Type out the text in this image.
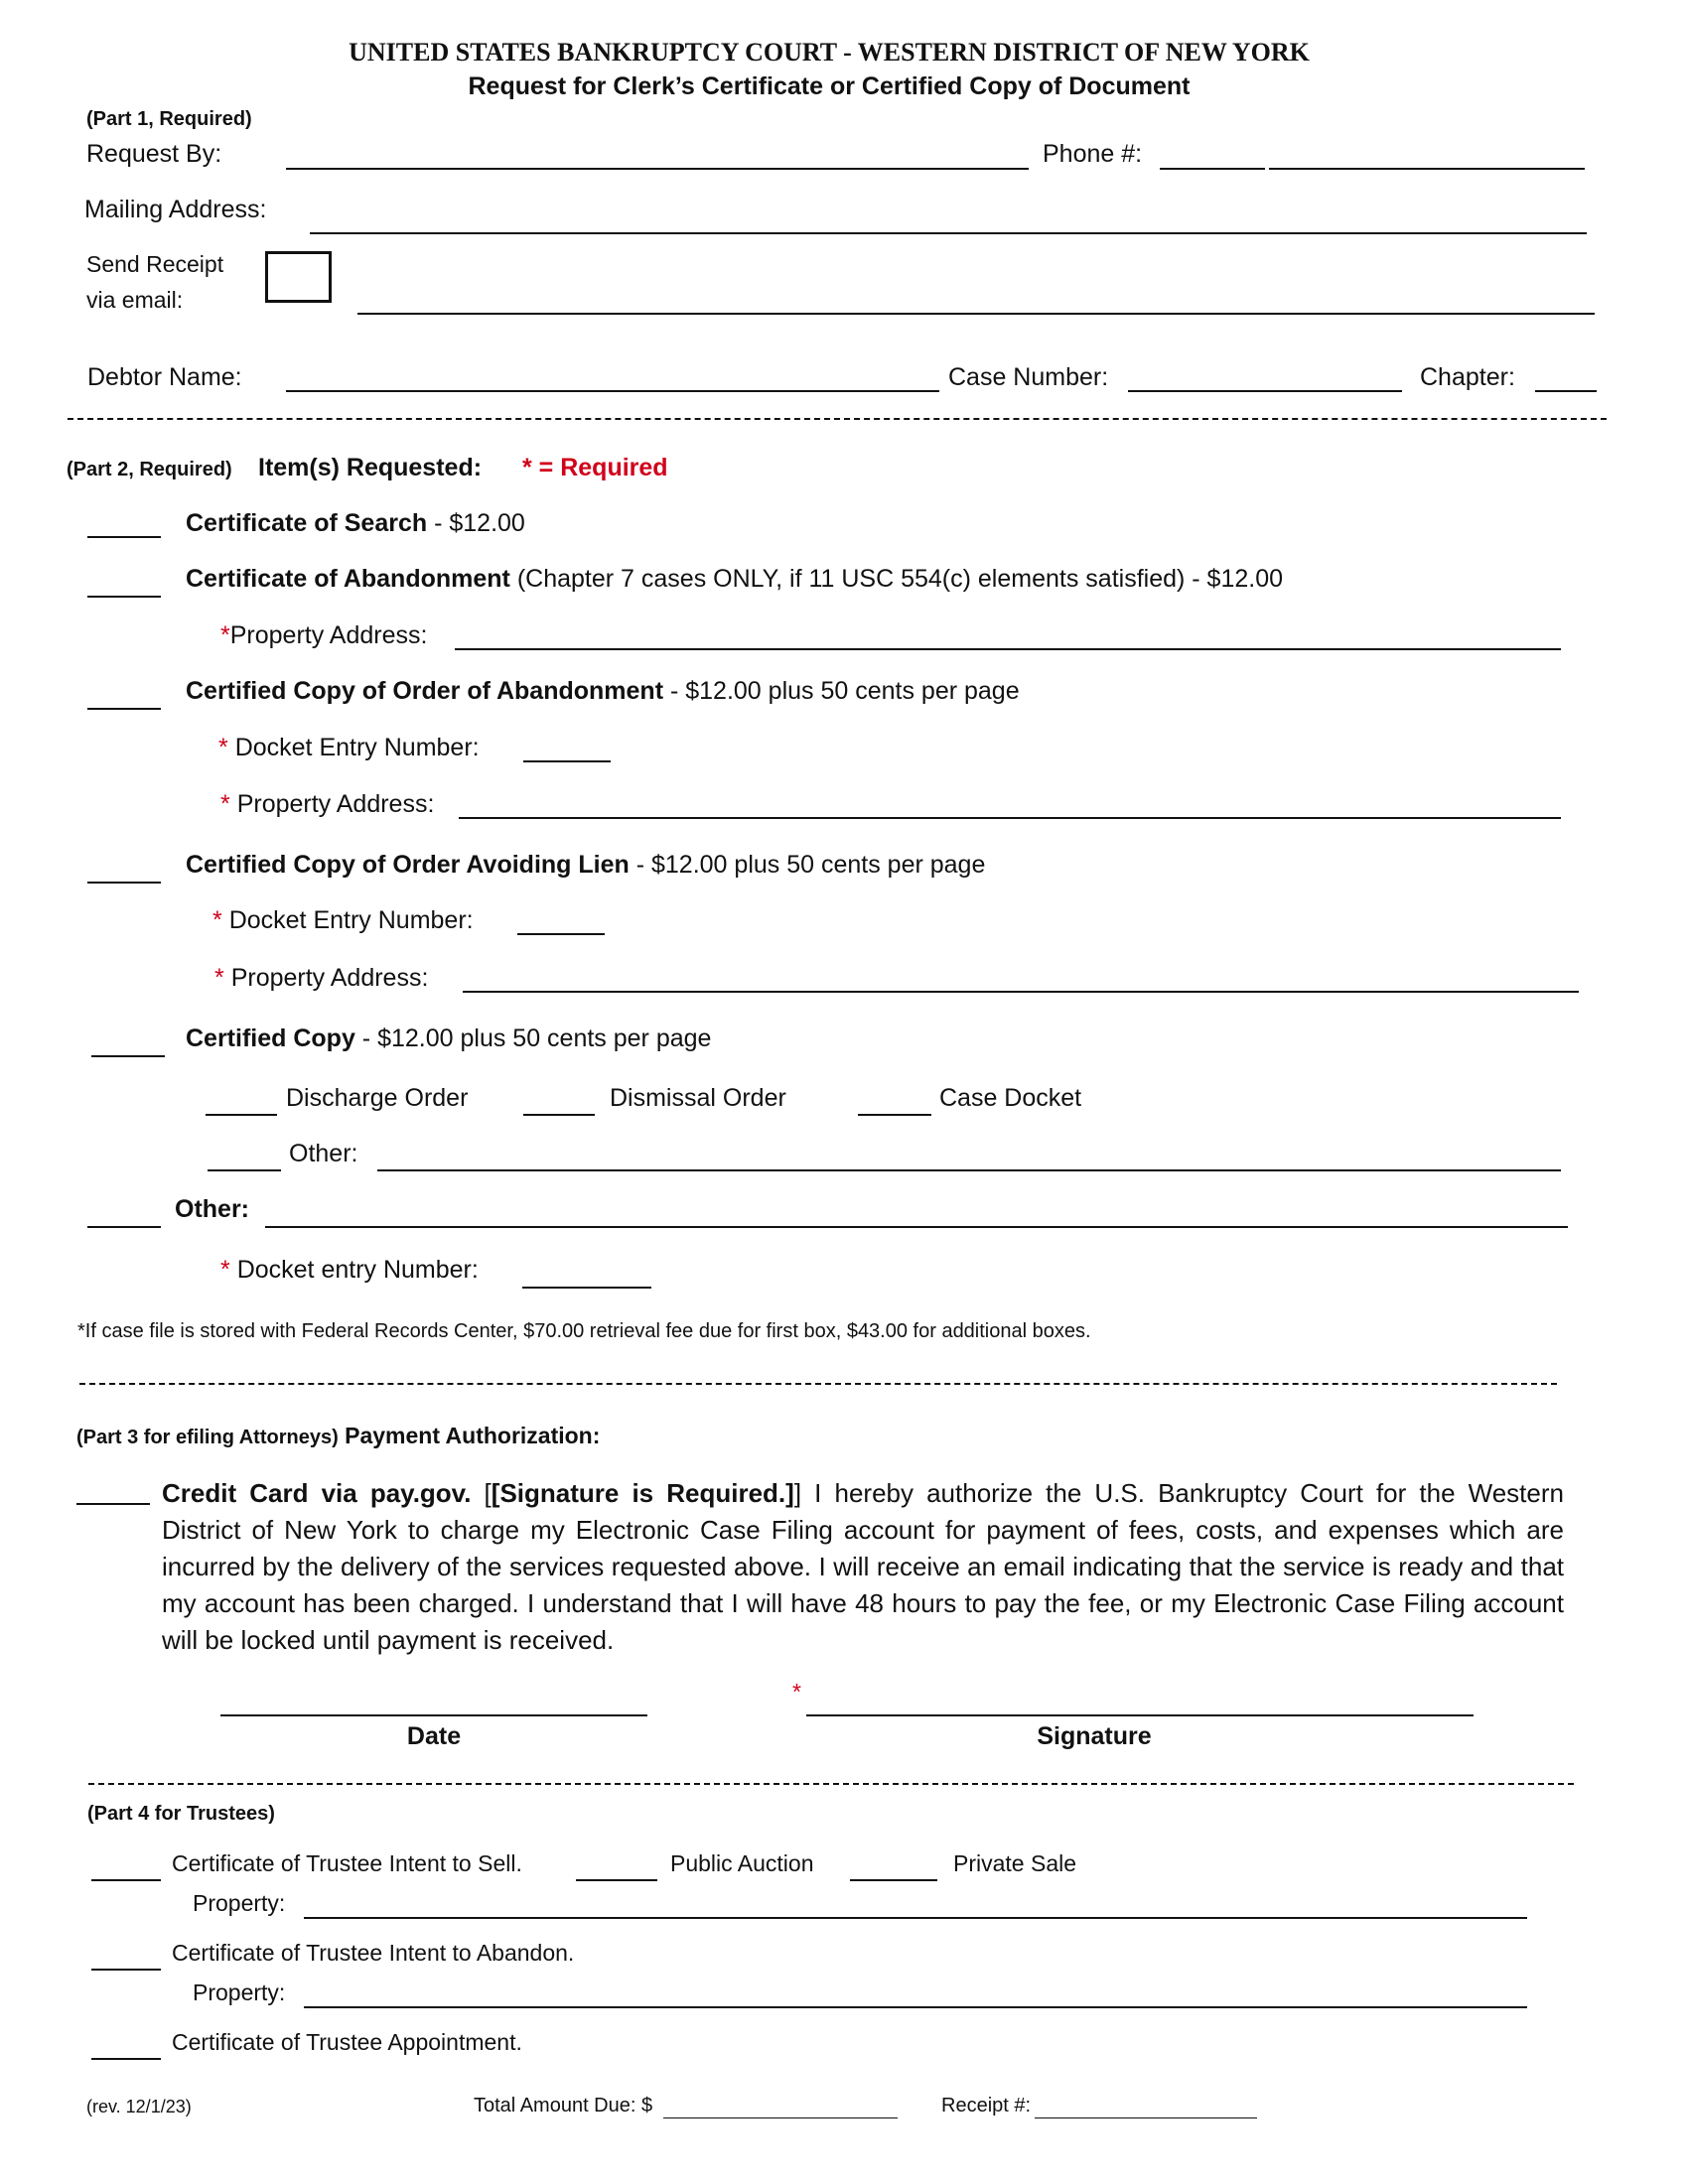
UNITED STATES BANKRUPTCY COURT - WESTERN DISTRICT OF NEW YORK
Request for Clerk’s Certificate or Certified Copy of Document
(Part 1, Required)
Request By:	Phone #:
Mailing Address:
Send Receipt
via email:
Debtor Name:	Case Number:	Chapter:
(Part 2, Required) Item(s) Requested: * = Required
Certificate of Search - $12.00
Certificate of Abandonment (Chapter 7 cases ONLY, if 11 USC 554(c) elements satisfied) - $12.00
*Property Address:
Certified Copy of Order of Abandonment - $12.00 plus 50 cents per page
* Docket Entry Number:
* Property Address:
Certified Copy of Order Avoiding Lien - $12.00 plus 50 cents per page
* Docket Entry Number:
* Property Address:
Certified Copy - $12.00 plus 50 cents per page
Discharge Order	Dismissal Order	Case Docket
Other:
Other:
* Docket entry Number:
*If case file is stored with Federal Records Center, $70.00 retrieval fee due for first box, $43.00 for additional boxes.
(Part 3 for efiling Attorneys) Payment Authorization:
Credit Card via pay.gov. [[Signature is Required.]] I hereby authorize the U.S. Bankruptcy Court for the Western
District of New York to charge my Electronic Case Filing account for payment of fees, costs, and expenses which are incurred by the delivery of the services requested above. I will receive an email indicating that the service is ready and that my account has been charged. I understand that I will have 48 hours to pay the fee, or my Electronic Case Filing account will be locked until payment is received.
Date
*
Signature
(Part 4 for Trustees)
Certificate of Trustee Intent to Sell.	Public Auction	Private Sale
Property:
Certificate of Trustee Intent to Abandon.
Property:
Certificate of Trustee Appointment.
(rev. 12/1/23)	Total Amount Due: $	Receipt #:
